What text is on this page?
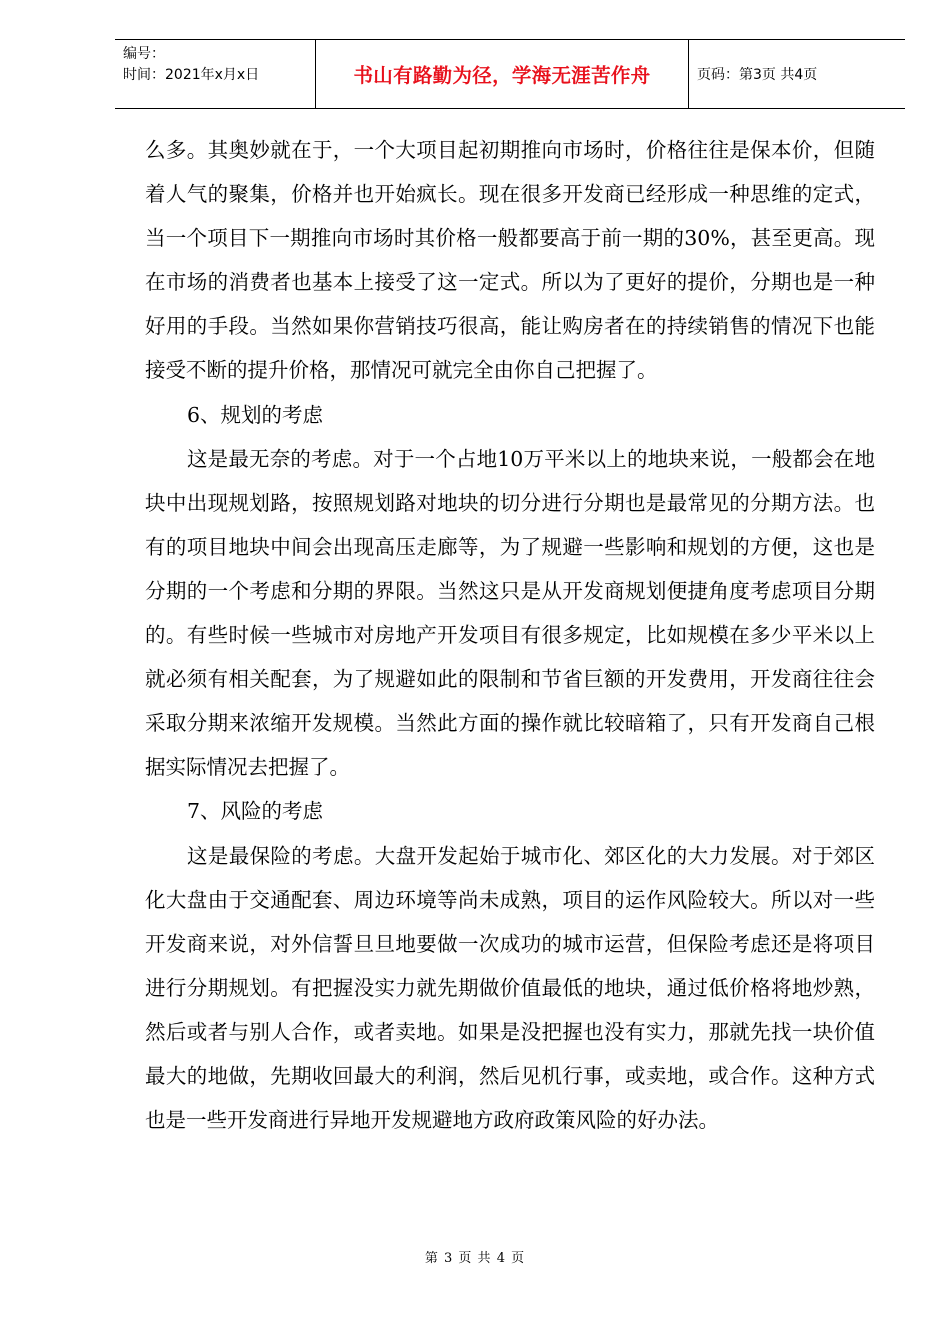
编号：
时间：2021年x月x日	书山有路勤为径，学海无涯苦作舟	页码：第3页 共4页

么多。其奥妙就在于，一个大项目起初期推向市场时，价格往往是保本价，但随着人气的聚集，价格并也开始疯长。现在很多开发商已经形成一种思维的定式，当一个项目下一期推向市场时其价格一般都要高于前一期的30%，甚至更高。现在市场的消费者也基本上接受了这一定式。所以为了更好的提价，分期也是一种好用的手段。当然如果你营销技巧很高，能让购房者在的持续销售的情况下也能接受不断的提升价格，那情况可就完全由你自己把握了。

6、规划的考虑

这是最无奈的考虑。对于一个占地10万平米以上的地块来说，一般都会在地块中出现规划路，按照规划路对地块的切分进行分期也是最常见的分期方法。也有的项目地块中间会出现高压走廊等，为了规避一些影响和规划的方便，这也是分期的一个考虑和分期的界限。当然这只是从开发商规划便捷角度考虑项目分期的。有些时候一些城市对房地产开发项目有很多规定，比如规模在多少平米以上就必须有相关配套，为了规避如此的限制和节省巨额的开发费用，开发商往往会采取分期来浓缩开发规模。当然此方面的操作就比较暗箱了，只有开发商自己根据实际情况去把握了。

7、风险的考虑

这是最保险的考虑。大盘开发起始于城市化、郊区化的大力发展。对于郊区化大盘由于交通配套、周边环境等尚未成熟，项目的运作风险较大。所以对一些开发商来说，对外信誓旦旦地要做一次成功的城市运营，但保险考虑还是将项目进行分期规划。有把握没实力就先期做价值最低的地块，通过低价格将地炒熟，然后或者与别人合作，或者卖地。如果是没把握也没有实力，那就先找一块价值最大的地做，先期收回最大的利润，然后见机行事，或卖地，或合作。这种方式也是一些开发商进行异地开发规避地方政府政策风险的好办法。

第 3 页 共 4 页
